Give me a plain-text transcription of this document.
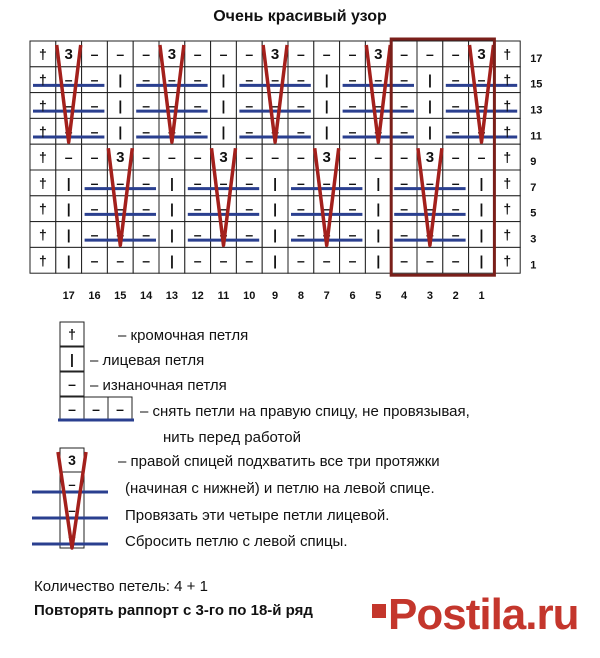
Очень красивый узор
† 3 – – – 3 – – – 3 – – – 3 – – – 3 †
† – – | – – – | – – – | – – – | – – †
† – – | – – – | – – – | – – – | – – †
† – – | – – – | – – – | – – – | – – †
† – – 3 – – – 3 – – – 3 – – – 3 – – †
† | – – – | – – – | – – – | – – – | †
† | – – – | – – – | – – – | – – – | †
† | – – – | – – – | – – – | – – – | †
† | – – – | – – – | – – – | – – – | †
17 16 15 14 13 12 11 10 9 8 7 6 5 4 3 2 1
17
15
13
11
9
7
5
3
1
†
|
–
– – –
3
–
–
–
– кромочная петля
– лицевая петля
– изнаночная петля
– снять петли на правую спицу, не провязывая,
нить перед работой
– правой спицей подхватить все три протяжки
(начиная с нижней) и петлю на левой спице.
Провязать эти четыре петли лицевой.
Сбросить петлю с левой спицы.
Количество петель: 4 + 1
Повторять раппорт с 3-го по 18-й ряд Postila.ru
